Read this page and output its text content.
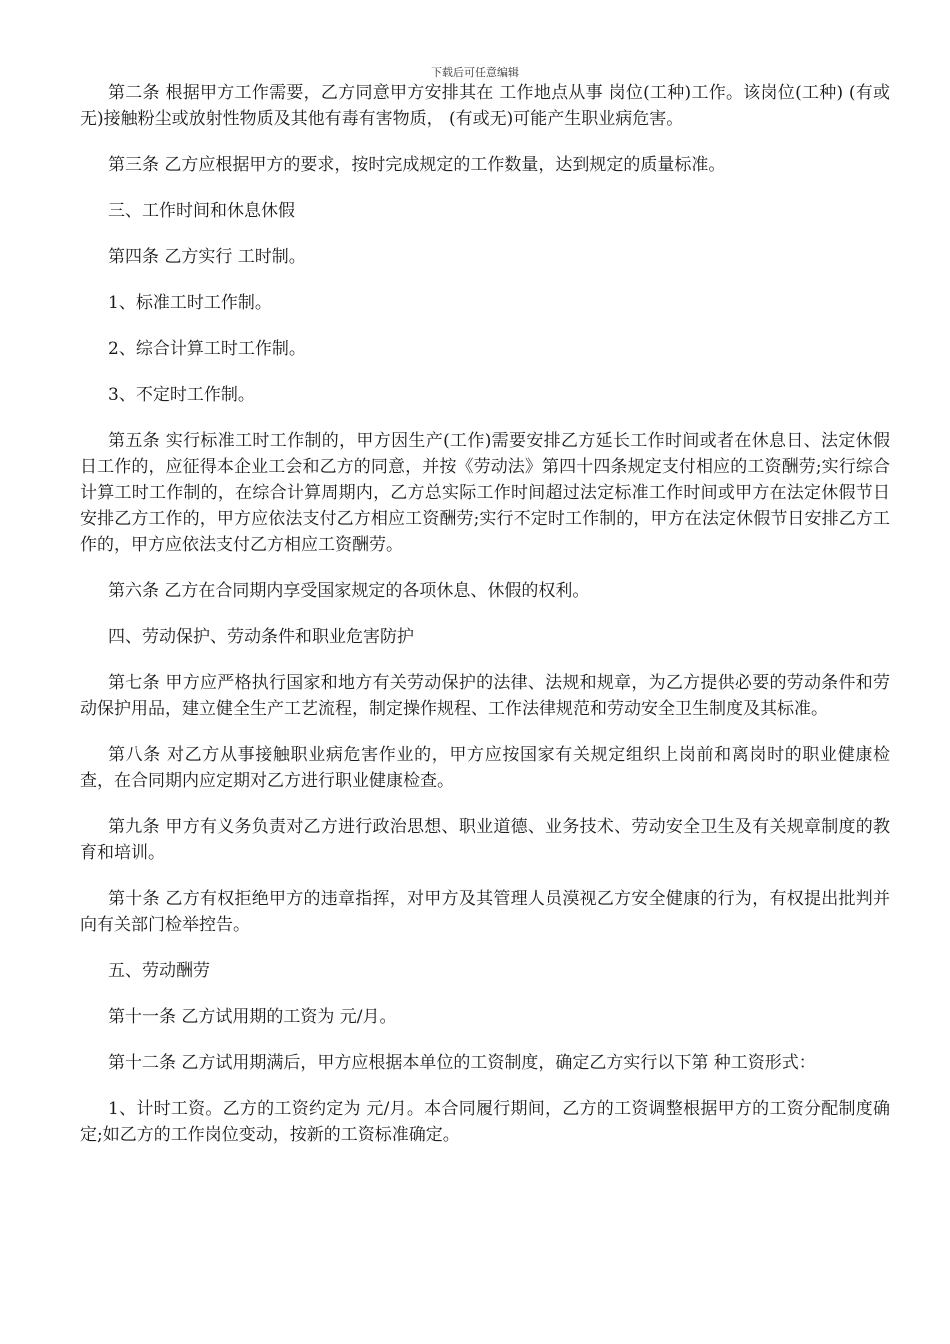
下载后可任意编辑

第二条 根据甲方工作需要，乙方同意甲方安排其在 工作地点从事 岗位(工种)工作。该岗位(工种) (有或无)接触粉尘或放射性物质及其他有毒有害物质， (有或无)可能产生职业病危害。

第三条 乙方应根据甲方的要求，按时完成规定的工作数量，达到规定的质量标准。

三、工作时间和休息休假

第四条 乙方实行 工时制。

1、标准工时工作制。

2、综合计算工时工作制。

3、不定时工作制。

第五条 实行标准工时工作制的，甲方因生产(工作)需要安排乙方延长工作时间或者在休息日、法定休假日工作的，应征得本企业工会和乙方的同意，并按《劳动法》第四十四条规定支付相应的工资酬劳;实行综合计算工时工作制的，在综合计算周期内，乙方总实际工作时间超过法定标准工作时间或甲方在法定休假节日安排乙方工作的，甲方应依法支付乙方相应工资酬劳;实行不定时工作制的，甲方在法定休假节日安排乙方工作的，甲方应依法支付乙方相应工资酬劳。

第六条 乙方在合同期内享受国家规定的各项休息、休假的权利。

四、劳动保护、劳动条件和职业危害防护

第七条 甲方应严格执行国家和地方有关劳动保护的法律、法规和规章，为乙方提供必要的劳动条件和劳动保护用品，建立健全生产工艺流程，制定操作规程、工作法律规范和劳动安全卫生制度及其标准。

第八条 对乙方从事接触职业病危害作业的，甲方应按国家有关规定组织上岗前和离岗时的职业健康检查，在合同期内应定期对乙方进行职业健康检查。

第九条 甲方有义务负责对乙方进行政治思想、职业道德、业务技术、劳动安全卫生及有关规章制度的教育和培训。

第十条 乙方有权拒绝甲方的违章指挥，对甲方及其管理人员漠视乙方安全健康的行为，有权提出批判并向有关部门检举控告。

五、劳动酬劳

第十一条 乙方试用期的工资为 元/月。

第十二条 乙方试用期满后，甲方应根据本单位的工资制度，确定乙方实行以下第 种工资形式：

1、计时工资。乙方的工资约定为 元/月。本合同履行期间，乙方的工资调整根据甲方的工资分配制度确定;如乙方的工作岗位变动，按新的工资标准确定。
